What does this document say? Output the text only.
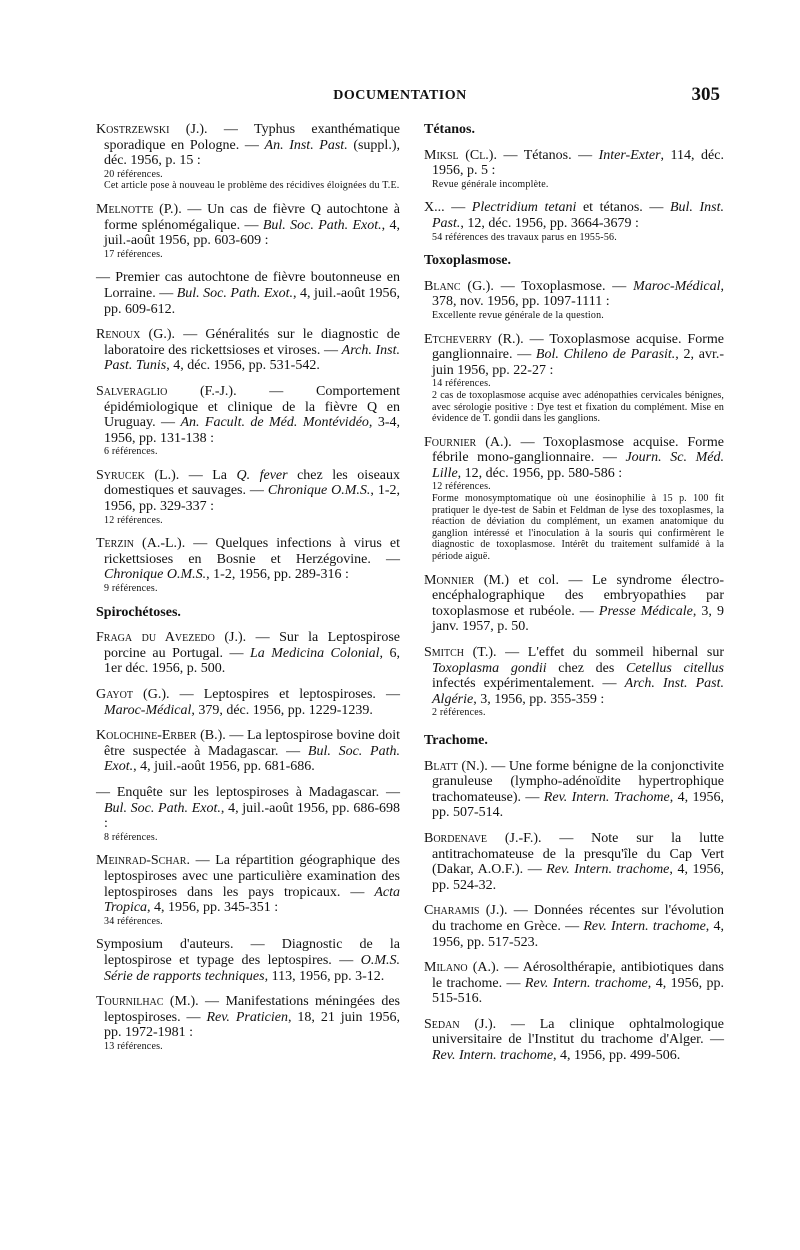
DOCUMENTATION	305
Kostrzewski (J.). — Typhus exanthématique sporadique en Pologne. — An. Inst. Past. (suppl.), déc. 1956, p. 15 :
20 références.
Cet article pose à nouveau le problème des récidives éloignées du T.E.
Melnotte (P.). — Un cas de fièvre Q autochtone à forme splénomégalique. — Bul. Soc. Path. Exot., 4, juil.-août 1956, pp. 603-609 :
17 références.
— Premier cas autochtone de fièvre boutonneuse en Lorraine. — Bul. Soc. Path. Exot., 4, juil.-août 1956, pp. 609-612.
Renoux (G.). — Généralités sur le diagnostic de laboratoire des rickettsioses et viroses. — Arch. Inst. Past. Tunis, 4, déc. 1956, pp. 531-542.
Salveraglio (F.-J.). — Comportement épidémiologique et clinique de la fièvre Q en Uruguay. — An. Facult. de Méd. Montévidéo, 3-4, 1956, pp. 131-138 :
6 références.
Syrucek (L.). — La Q. fever chez les oiseaux domestiques et sauvages. — Chronique O.M.S., 1-2, 1956, pp. 329-337 :
12 références.
Terzin (A.-L.). — Quelques infections à virus et rickettsioses en Bosnie et Herzégovine. — Chronique O.M.S., 1-2, 1956, pp. 289-316 :
9 références.
Spirochétoses.
Fraga du Avezedo (J.). — Sur la Leptospirose porcine au Portugal. — La Medicina Colonial, 6, 1er déc. 1956, p. 500.
Gayot (G.). — Leptospires et leptospiroses. — Maroc-Médical, 379, déc. 1956, pp. 1229-1239.
Kolochine-Erber (B.). — La leptospirose bovine doit être suspectée à Madagascar. — Bul. Soc. Path. Exot., 4, juil.-août 1956, pp. 681-686.
— Enquête sur les leptospiroses à Madagascar. — Bul. Soc. Path. Exot., 4, juil.-août 1956, pp. 686-698 :
8 références.
Meinrad-Schar. — La répartition géographique des leptospiroses avec une particulière examination des leptospiroses dans les pays tropicaux. — Acta Tropica, 4, 1956, pp. 345-351 :
34 références.
Symposium d'auteurs. — Diagnostic de la leptospirose et typage des leptospires. — O.M.S. Série de rapports techniques, 113, 1956, pp. 3-12.
Tournilhac (M.). — Manifestations méningées des leptospiroses. — Rev. Praticien, 18, 21 juin 1956, pp. 1972-1981 :
13 références.
Tétanos.
Miksl (Cl.). — Tétanos. — Inter-Exter, 114, déc. 1956, p. 5 :
Revue générale incomplète.
X... — Plectridium tetani et tétanos. — Bul. Inst. Past., 12, déc. 1956, pp. 3664-3679 :
54 références des travaux parus en 1955-56.
Toxoplasmose.
Blanc (G.). — Toxoplasmose. — Maroc-Médical, 378, nov. 1956, pp. 1097-1111 :
Excellente revue générale de la question.
Etcheverry (R.). — Toxoplasmose acquise. Forme ganglionnaire. — Bol. Chileno de Parasit., 2, avr.-juin 1956, pp. 22-27 :
14 références.
2 cas de toxoplasmose acquise avec adénopathies cervicales bénignes, avec sérologie positive : Dye test et fixation du complément. Mise en évidence de T. gondii dans les ganglions.
Fournier (A.). — Toxoplasmose acquise. Forme fébrile mono-ganglionnaire. — Journ. Sc. Méd. Lille, 12, déc. 1956, pp. 580-586 :
12 références.
Forme monosymptomatique où une éosinophilie à 15 p. 100 fit pratiquer le dye-test de Sabin et Feldman de lyse des toxoplasmes, la réaction de déviation du complément, un examen anatomique du ganglion intéressé et l'inoculation à la souris qui confirmèrent le diagnostic de toxoplasmose. Intérêt du traitement sulfamidé à la période aiguë.
Monnier (M.) et col. — Le syndrome électro-encéphalographique des embryopathies par toxoplasmose et rubéole. — Presse Médicale, 3, 9 janv. 1957, p. 50.
Smitch (T.). — L'effet du sommeil hibernal sur Toxoplasma gondii chez des Cetellus citellus infectés expérimentalement. — Arch. Inst. Past. Algérie, 3, 1956, pp. 355-359 :
2 références.
Trachome.
Blatt (N.). — Une forme bénigne de la conjonctivite granuleuse (lympho-adénoïdite hypertrophique trachomateuse). — Rev. Intern. Trachome, 4, 1956, pp. 507-514.
Bordenave (J.-F.). — Note sur la lutte antitrachomateuse de la presqu'île du Cap Vert (Dakar, A.O.F.). — Rev. Intern. trachome, 4, 1956, pp. 524-32.
Charamis (J.). — Données récentes sur l'évolution du trachome en Grèce. — Rev. Intern. trachome, 4, 1956, pp. 517-523.
Milano (A.). — Aérosolthérapie, antibiotiques dans le trachome. — Rev. Intern. trachome, 4, 1956, pp. 515-516.
Sedan (J.). — La clinique ophtalmologique universitaire de l'Institut du trachome d'Alger. — Rev. Intern. trachome, 4, 1956, pp. 499-506.
